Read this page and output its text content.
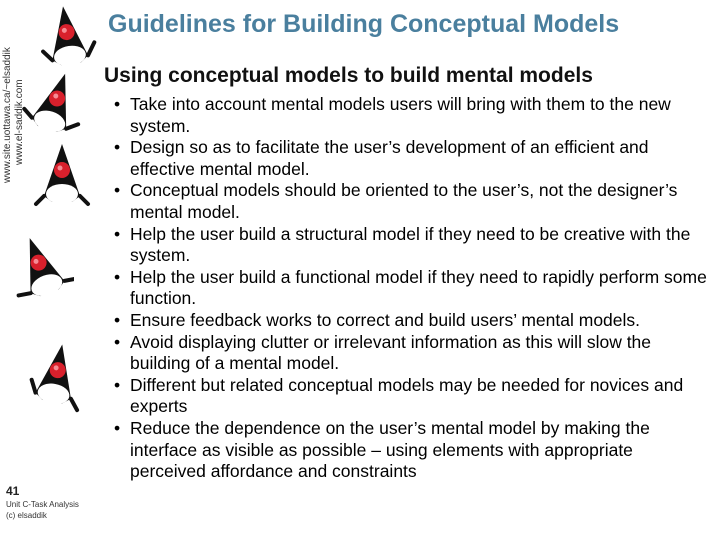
www.site.uottawa.ca/~elsaddik www.el-saddik.com
Guidelines for Building Conceptual Models
Using conceptual models to build mental models
• Take into account mental models users will bring with them to the new system.
• Design so as to facilitate the user’s development of an efficient and effective mental model.
• Conceptual models should be oriented to the user’s, not the designer’s mental model.
• Help the user build a structural model if they need to be creative with the system.
• Help the user build a functional model if they need to rapidly perform some function.
• Ensure feedback works to correct and build users’ mental models.
• Avoid displaying clutter or irrelevant information as this will slow the building of a mental model.
• Different but related conceptual models may be needed for novices and experts
• Reduce the dependence on the user’s mental model by making the interface as visible as possible – using elements with appropriate perceived affordance and constraints
41
Unit C-Task Analysis
(c) elsaddik
